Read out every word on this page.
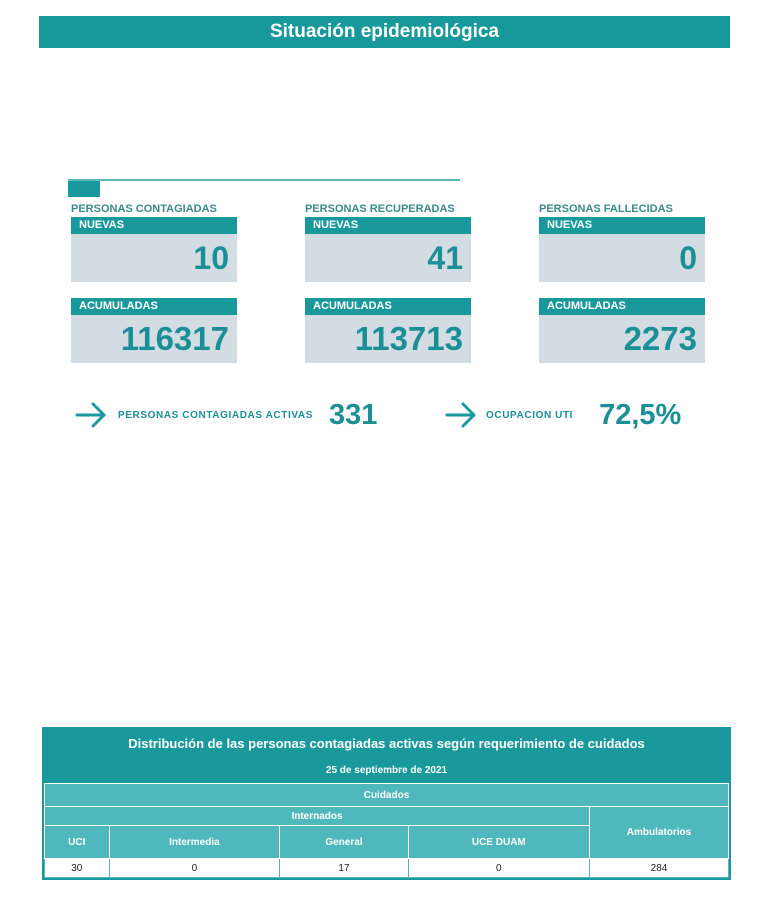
Situación epidemiológica
PERSONAS CONTAGIADAS
NUEVAS
10
ACUMULADAS
116317
PERSONAS RECUPERADAS
NUEVAS
41
ACUMULADAS
113713
PERSONAS FALLECIDAS
NUEVAS
0
ACUMULADAS
2273
PERSONAS CONTAGIADAS ACTIVAS 331	OCUPACION UTI 72,5%
Distribución de las personas contagiadas activas según requerimiento de cuidados
25 de septiembre de 2021
Cuidados				
Internados				Ambulatorios
UCI	Intermedia	General	UCE DUAM	
30	0	17	0	284
